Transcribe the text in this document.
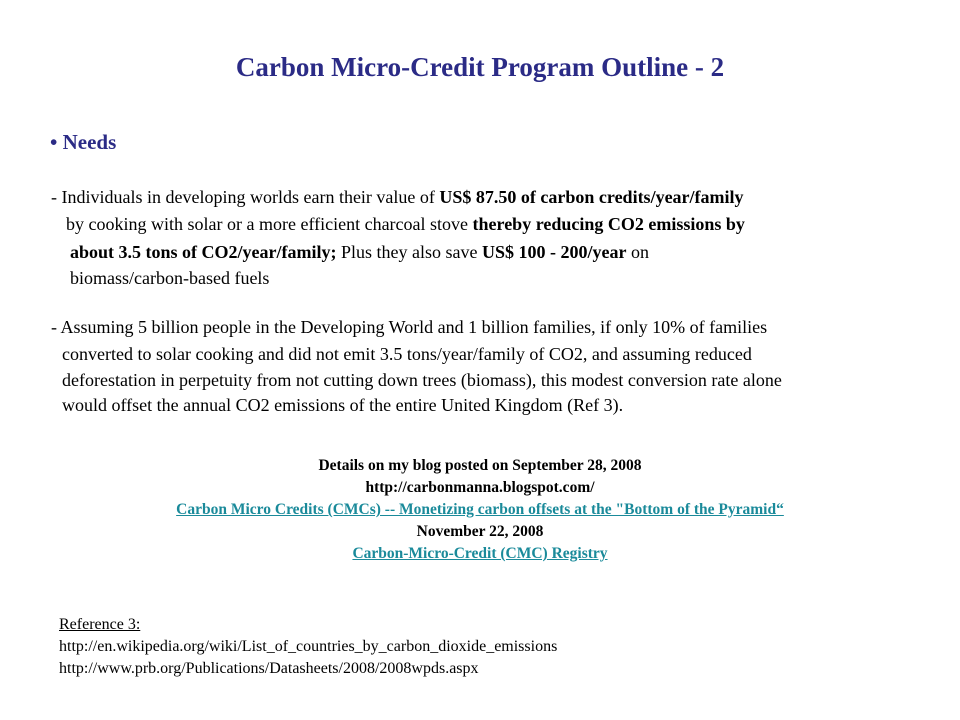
Carbon Micro-Credit Program Outline - 2
• Needs
- Individuals in developing worlds earn their value of US$ 87.50 of carbon credits/year/family
by cooking with solar or a more efficient charcoal stove thereby reducing CO2 emissions by
about 3.5 tons of CO2/year/family; Plus they also save US$ 100 - 200/year on
biomass/carbon-based fuels
- Assuming 5 billion people in the Developing World and 1 billion families, if only 10% of families
converted to solar cooking and did not emit 3.5 tons/year/family of CO2, and assuming reduced
deforestation in perpetuity from not cutting down trees (biomass), this modest conversion rate alone
would offset the annual CO2 emissions of the entire United Kingdom (Ref 3).
Details on my blog posted on September 28, 2008
http://carbonmanna.blogspot.com/
Carbon Micro Credits (CMCs) -- Monetizing carbon offsets at the "Bottom of the Pyramid“
November 22, 2008
Carbon-Micro-Credit (CMC) Registry
Reference 3:
http://en.wikipedia.org/wiki/List_of_countries_by_carbon_dioxide_emissions
http://www.prb.org/Publications/Datasheets/2008/2008wpds.aspx
